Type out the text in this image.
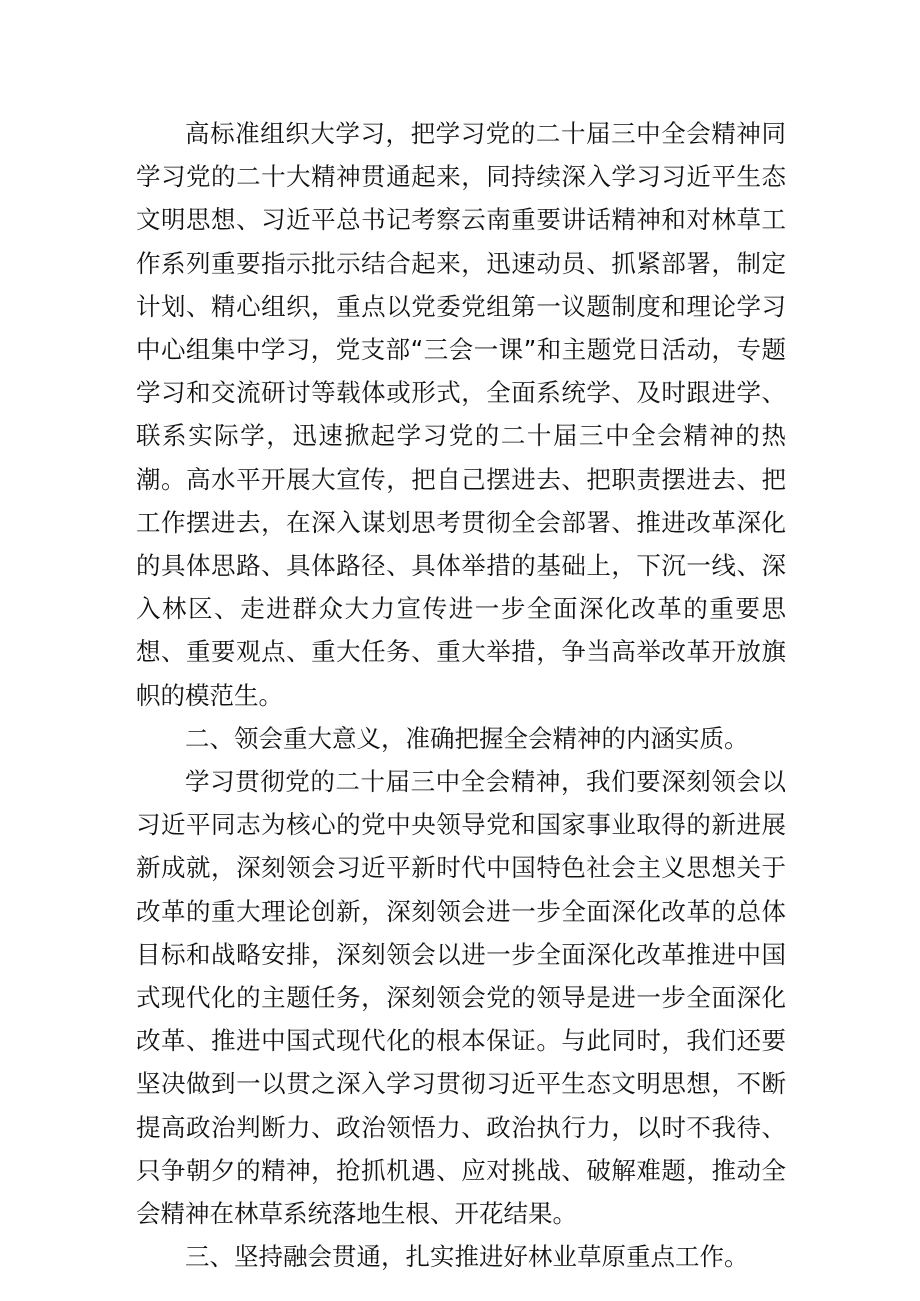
高标准组织大学习，把学习党的二十届三中全会精神同学习党的二十大精神贯通起来，同持续深入学习习近平生态文明思想、习近平总书记考察云南重要讲话精神和对林草工作系列重要指示批示结合起来，迅速动员、抓紧部署，制定计划、精心组织，重点以党委党组第一议题制度和理论学习中心组集中学习，党支部“三会一课”和主题党日活动，专题学习和交流研讨等载体或形式，全面系统学、及时跟进学、联系实际学，迅速掀起学习党的二十届三中全会精神的热潮。高水平开展大宣传，把自己摆进去、把职责摆进去、把工作摆进去，在深入谋划思考贯彻全会部署、推进改革深化的具体思路、具体路径、具体举措的基础上，下沉一线、深入林区、走进群众大力宣传进一步全面深化改革的重要思想、重要观点、重大任务、重大举措，争当高举改革开放旗帜的模范生。

二、领会重大意义，准确把握全会精神的内涵实质。

学习贯彻党的二十届三中全会精神，我们要深刻领会以习近平同志为核心的党中央领导党和国家事业取得的新进展新成就，深刻领会习近平新时代中国特色社会主义思想关于改革的重大理论创新，深刻领会进一步全面深化改革的总体目标和战略安排，深刻领会以进一步全面深化改革推进中国式现代化的主题任务，深刻领会党的领导是进一步全面深化改革、推进中国式现代化的根本保证。与此同时，我们还要坚决做到一以贯之深入学习贯彻习近平生态文明思想，不断提高政治判断力、政治领悟力、政治执行力，以时不我待、只争朝夕的精神，抢抓机遇、应对挑战、破解难题，推动全会精神在林草系统落地生根、开花结果。

三、坚持融会贯通，扎实推进好林业草原重点工作。
